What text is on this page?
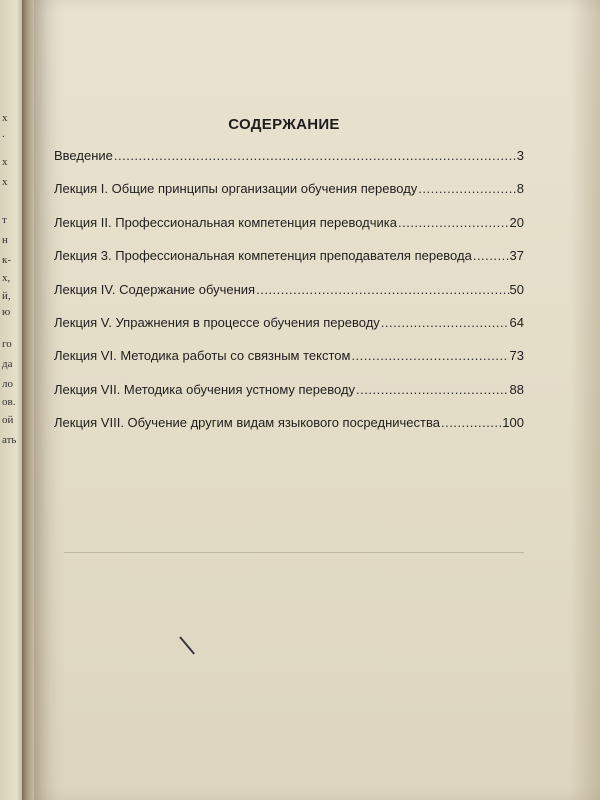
х
.
х
х
т
н
к-
х,
й,
ю
го
да
ло
ов.
ой
ать
СОДЕРЖАНИЕ
Введение .....	3
Лекция I. Общие принципы организации обучения переводу .....	8
Лекция II. Профессиональная компетенция переводчика .....	20
Лекция 3. Профессиональная компетенция преподавателя перевода .....	37
Лекция IV. Содержание обучения .....	50
Лекция V. Упражнения в процессе обучения переводу .....	64
Лекция VI. Методика работы со связным текстом .....	73
Лекция VII. Методика обучения устному переводу .....	88
Лекция VIII. Обучение другим видам языкового посредничества .....	100
